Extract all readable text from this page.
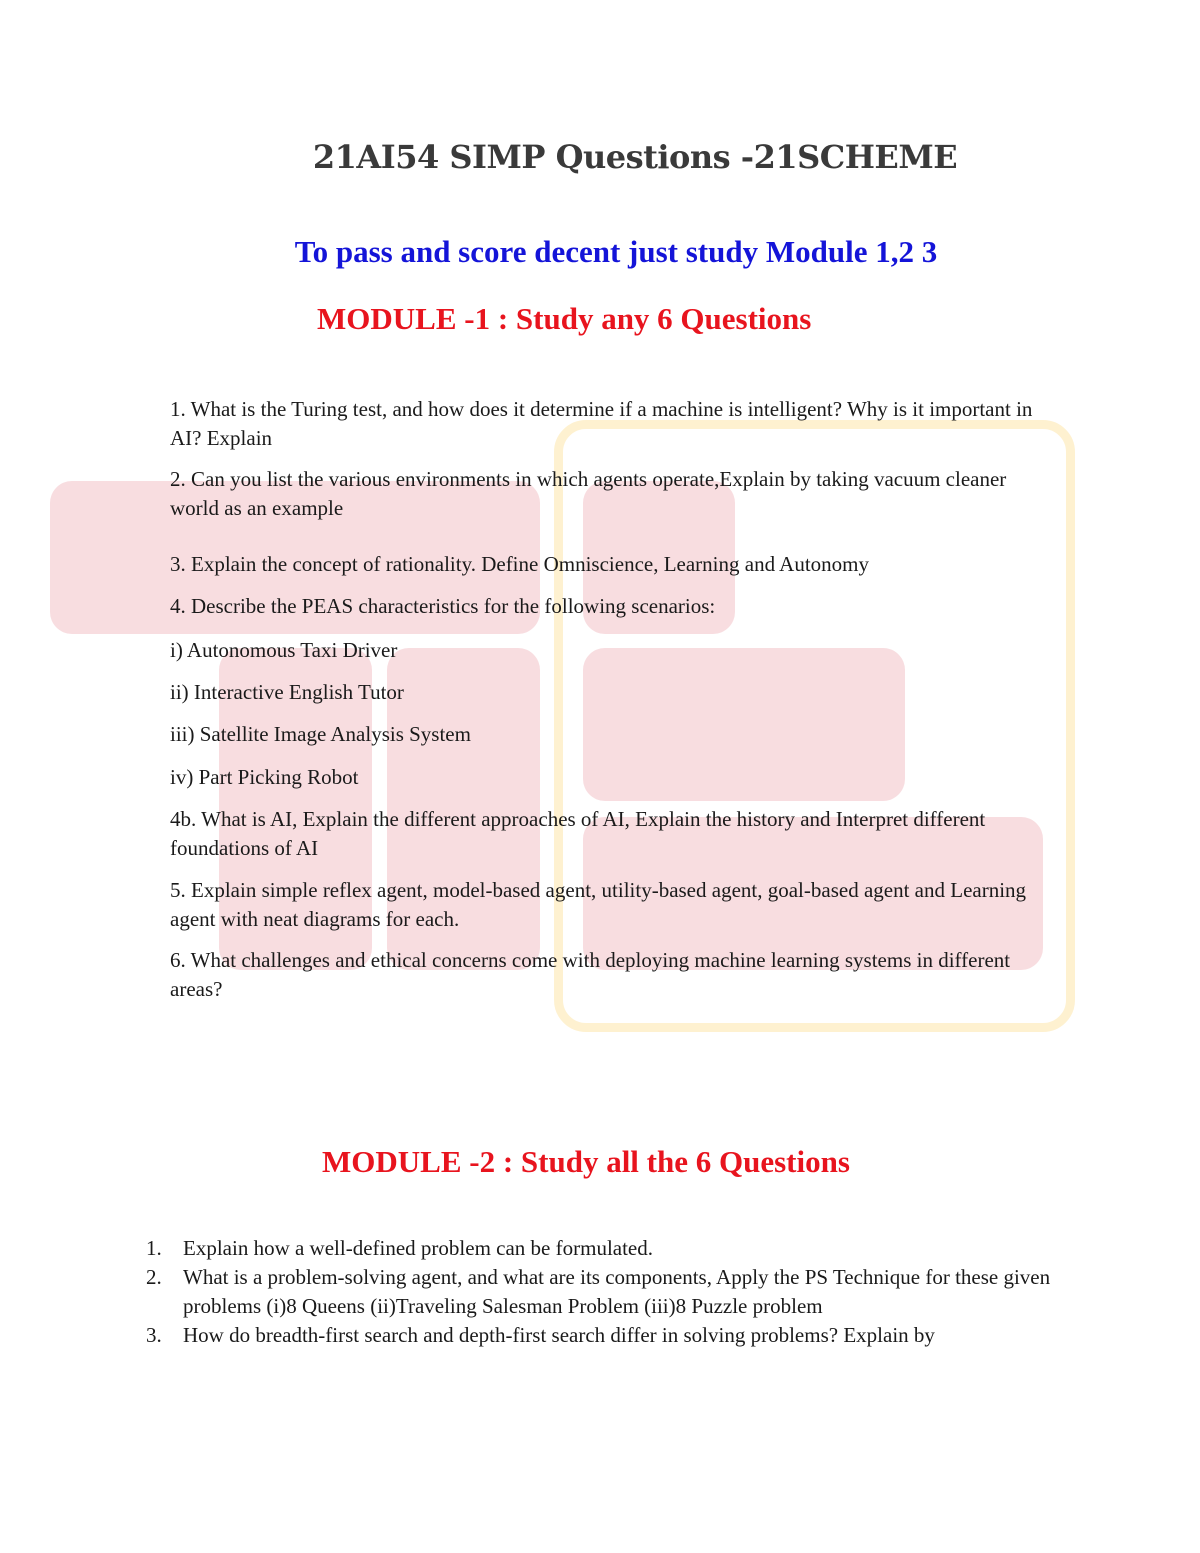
21AI54 SIMP Questions -21SCHEME

To pass and score decent just study Module 1,2 3

MODULE -1 : Study any 6 Questions

1. What is the Turing test, and how does it determine if a machine is intelligent? Why is it important in AI? Explain

2. Can you list the various environments in which agents operate,Explain by taking vacuum cleaner world as an example

3. Explain the concept of rationality. Define Omniscience, Learning and Autonomy

4. Describe the PEAS characteristics for the following scenarios:

i) Autonomous Taxi Driver

ii) Interactive English Tutor

iii) Satellite Image Analysis System

iv) Part Picking Robot

4b. What is AI, Explain the different approaches of AI, Explain the history and Interpret different foundations of AI

5. Explain simple reflex agent, model-based agent, utility-based agent, goal-based agent and Learning agent with neat diagrams for each.

6. What challenges and ethical concerns come with deploying machine learning systems in different areas?

MODULE -2 : Study all the 6 Questions
1. Explain how a well-defined problem can be formulated.
2. What is a problem-solving agent, and what are its components, Apply the PS Technique for these given problems (i)8 Queens (ii)Traveling Salesman Problem (iii)8 Puzzle problem
3. How do breadth-first search and depth-first search differ in solving problems? Explain by
